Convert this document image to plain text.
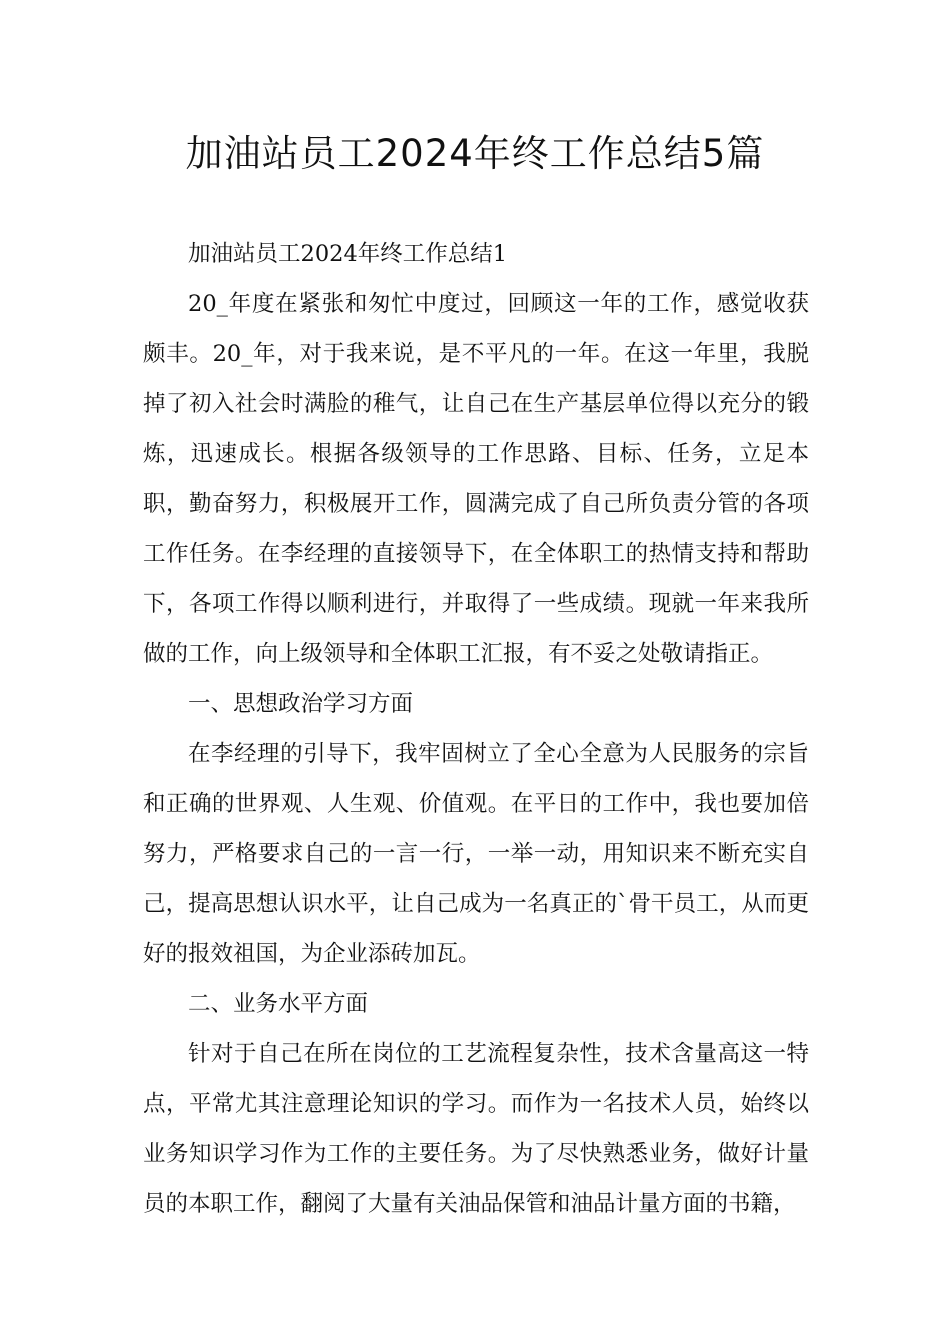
加油站员工2024年终工作总结5篇

加油站员工2024年终工作总结1

20_年度在紧张和匆忙中度过，回顾这一年的工作，感觉收获颇丰。20_年，对于我来说，是不平凡的一年。在这一年里，我脱掉了初入社会时满脸的稚气，让自己在生产基层单位得以充分的锻炼，迅速成长。根据各级领导的工作思路、目标、任务，立足本职，勤奋努力，积极展开工作，圆满完成了自己所负责分管的各项工作任务。在李经理的直接领导下，在全体职工的热情支持和帮助下，各项工作得以顺利进行，并取得了一些成绩。现就一年来我所做的工作，向上级领导和全体职工汇报，有不妥之处敬请指正。

一、思想政治学习方面

在李经理的引导下，我牢固树立了全心全意为人民服务的宗旨和正确的世界观、人生观、价值观。在平日的工作中，我也要加倍努力，严格要求自己的一言一行，一举一动，用知识来不断充实自己，提高思想认识水平，让自己成为一名真正的`骨干员工，从而更好的报效祖国，为企业添砖加瓦。

二、业务水平方面

针对于自己在所在岗位的工艺流程复杂性，技术含量高这一特点，平常尤其注意理论知识的学习。而作为一名技术人员，始终以业务知识学习作为工作的主要任务。为了尽快熟悉业务，做好计量员的本职工作，翻阅了大量有关油品保管和油品计量方面的书籍，
